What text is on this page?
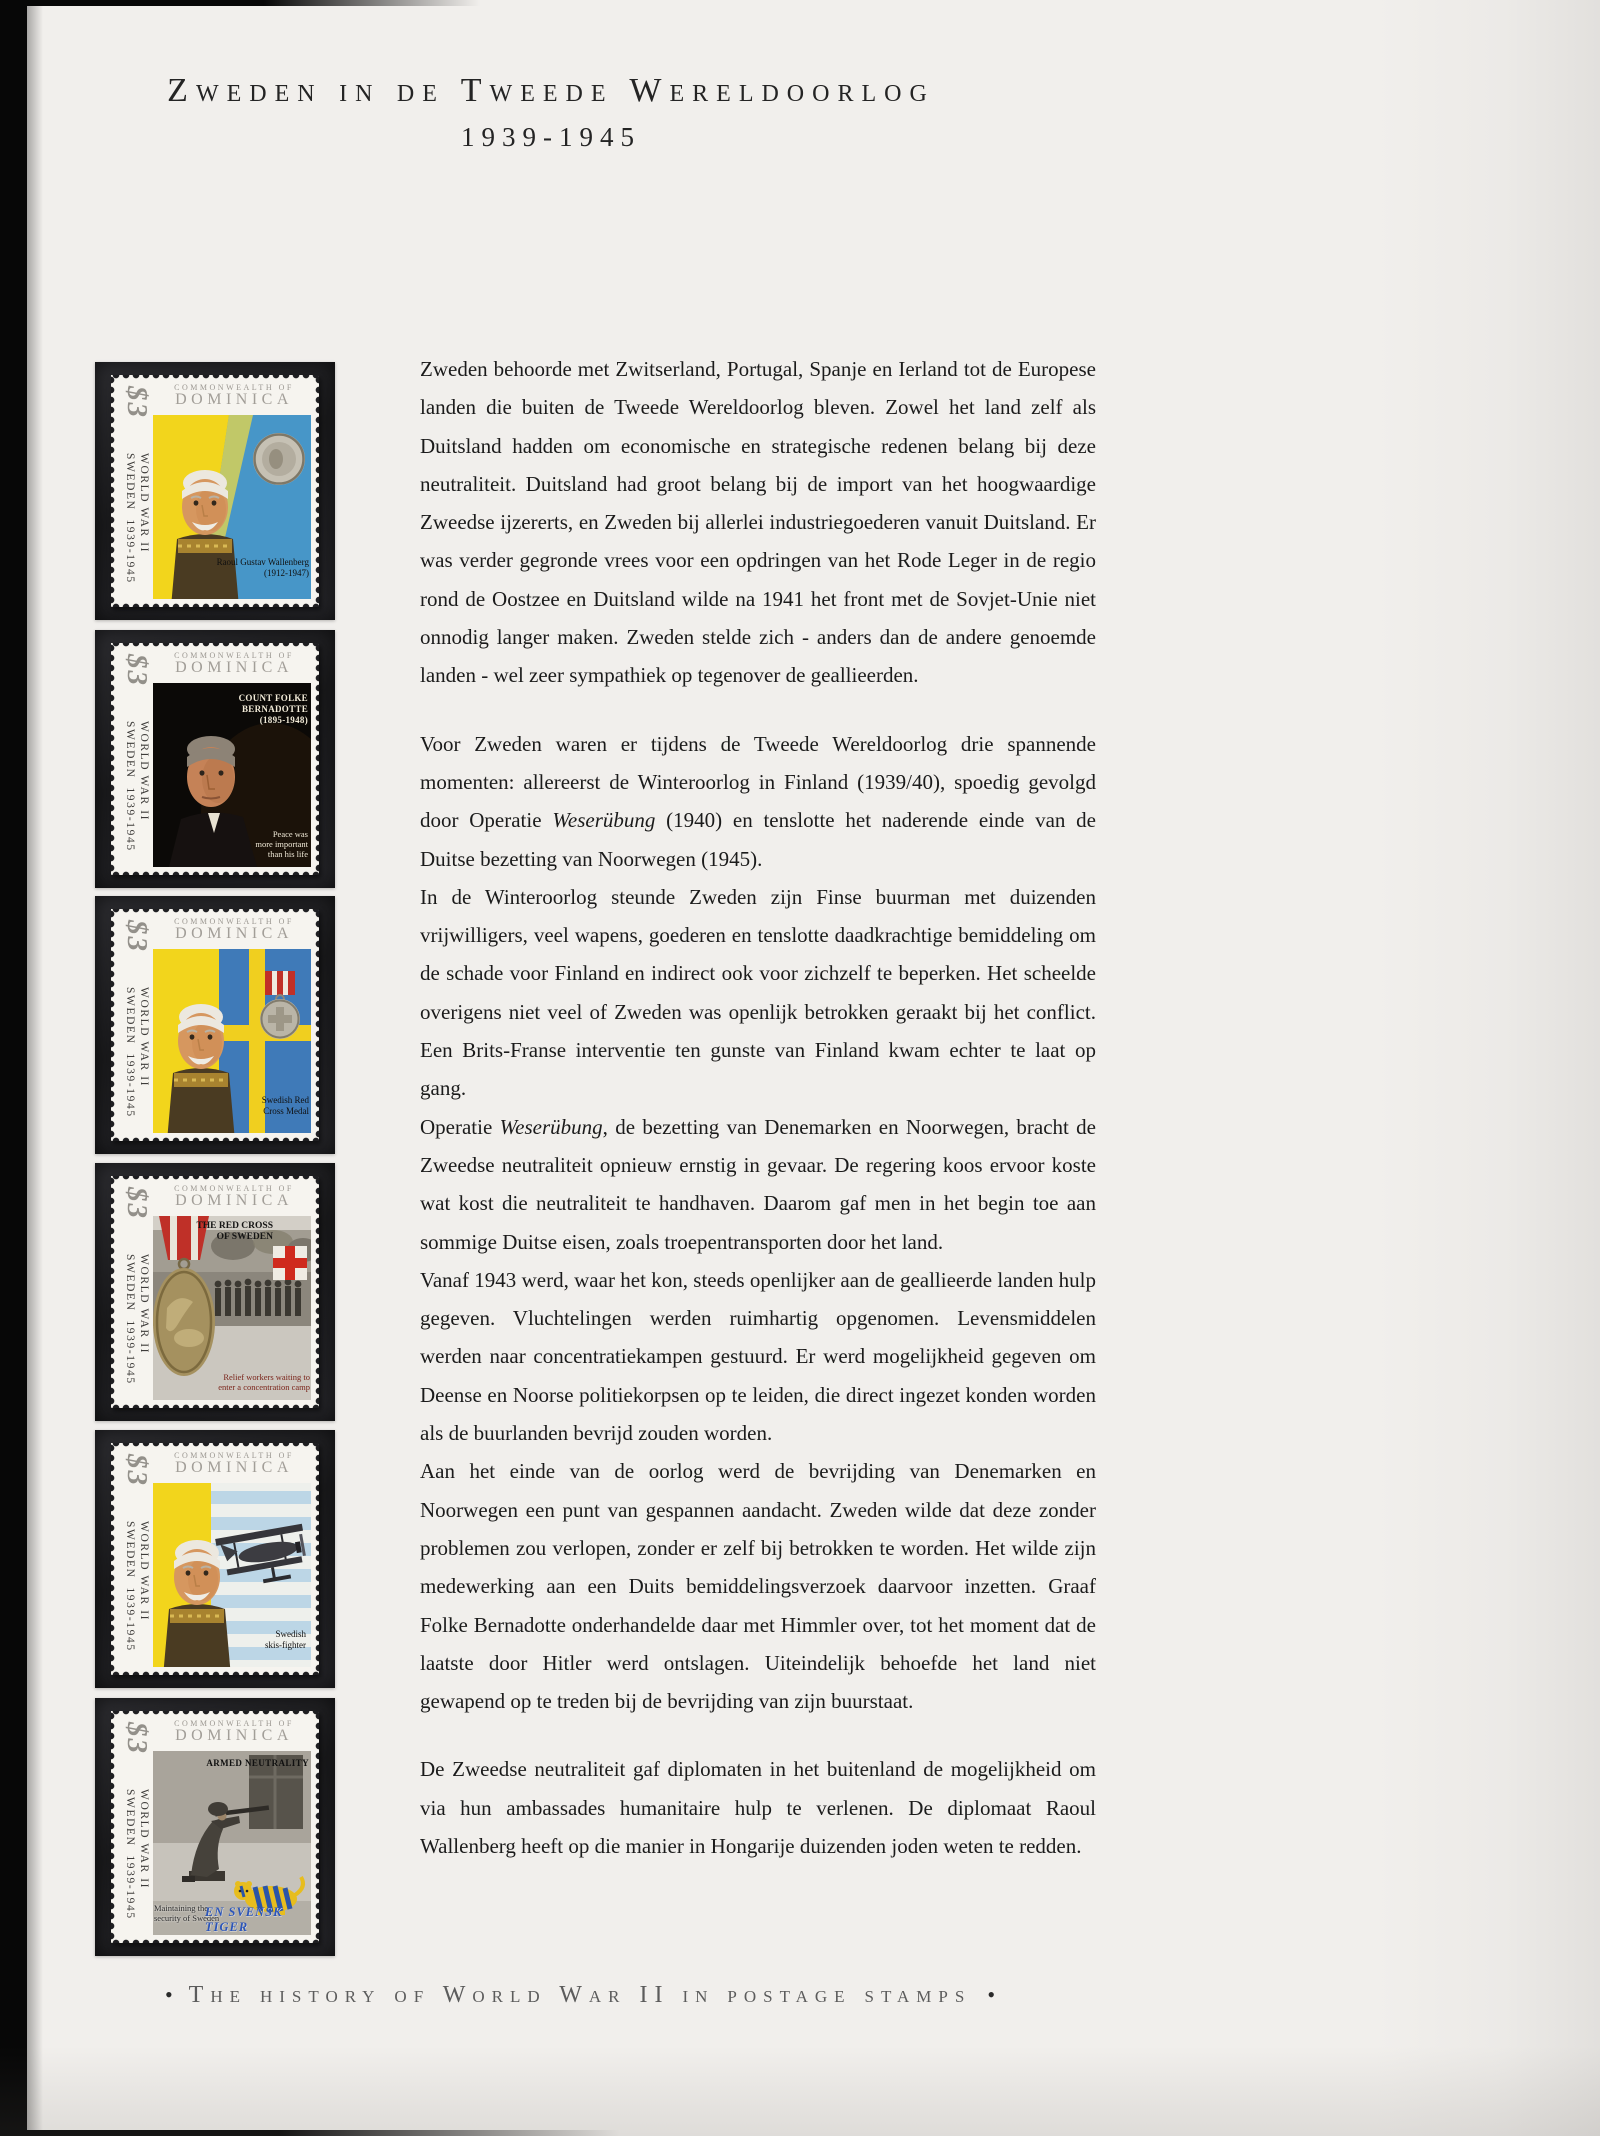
Zweden in de Tweede Wereldoorlog
1939-1945
$3	COMMONWEALTH OF
DOMINICA
SWEDEN  1939-1945 WORLD WAR II
Raoul Gustav Wallenberg
(1912-1947)
$3	COMMONWEALTH OF
DOMINICA
SWEDEN  1939-1945 WORLD WAR II
COUNT FOLKE
BERNADOTTE
(1895-1948)
Peace was
more important
than his life
$3	COMMONWEALTH OF
DOMINICA
SWEDEN  1939-1945 WORLD WAR II
Swedish Red
Cross Medal
$3	COMMONWEALTH OF
DOMINICA
SWEDEN  1939-1945 WORLD WAR II
THE RED CROSS
OF SWEDEN
Relief workers waiting to
enter a concentration camp
$3	COMMONWEALTH OF
DOMINICA
SWEDEN  1939-1945 WORLD WAR II
Swedish
skis-fighter
$3	COMMONWEALTH OF
DOMINICA
SWEDEN  1939-1945 WORLD WAR II
ARMED NEUTRALITY
Maintaining the
security of Sweden
EN SVENSK TIGER

Zweden behoorde met Zwitserland, Portugal, Spanje en Ierland tot de Europese landen die buiten de Tweede Wereldoorlog bleven. Zowel het land zelf als Duitsland hadden om economische en strategische redenen belang bij deze neutraliteit. Duitsland had groot belang bij de import van het hoogwaardige Zweedse ijzererts, en Zweden bij allerlei industriegoederen vanuit Duitsland. Er was verder gegronde vrees voor een opdringen van het Rode Leger in de regio rond de Oostzee en Duitsland wilde na 1941 het front met de Sovjet-Unie niet onnodig langer maken. Zweden stelde zich - anders dan de andere genoemde landen - wel zeer sympathiek op tegenover de geallieerden.

Voor Zweden waren er tijdens de Tweede Wereldoorlog drie spannende momenten: allereerst de Winteroorlog in Finland (1939/40), spoedig gevolgd door Operatie Weserübung (1940) en tenslotte het naderende einde van de Duitse bezetting van Noorwegen (1945).

In de Winteroorlog steunde Zweden zijn Finse buurman met duizenden vrijwilligers, veel wapens, goederen en tenslotte daadkrachtige bemiddeling om de schade voor Finland en indirect ook voor zichzelf te beperken. Het scheelde overigens niet veel of Zweden was openlijk betrokken geraakt bij het conflict. Een Brits-Franse interventie ten gunste van Finland kwam echter te laat op gang.

Operatie Weserübung, de bezetting van Denemarken en Noorwegen, bracht de Zweedse neutraliteit opnieuw ernstig in gevaar. De regering koos ervoor koste wat kost die neutraliteit te handhaven. Daarom gaf men in het begin toe aan sommige Duitse eisen, zoals troepentransporten door het land.

Vanaf 1943 werd, waar het kon, steeds openlijker aan de geallieerde landen hulp gegeven. Vluchtelingen werden ruimhartig opgenomen. Levensmiddelen werden naar concentratiekampen gestuurd. Er werd mogelijkheid gegeven om Deense en Noorse politiekorpsen op te leiden, die direct ingezet konden worden als de buurlanden bevrijd zouden worden.

Aan het einde van de oorlog werd de bevrijding van Denemarken en Noorwegen een punt van gespannen aandacht. Zweden wilde dat deze zonder problemen zou verlopen, zonder er zelf bij betrokken te worden. Het wilde zijn medewerking aan een Duits bemiddelingsverzoek daarvoor inzetten. Graaf Folke Bernadotte onderhandelde daar met Himmler over, tot het moment dat de laatste door Hitler werd ontslagen. Uiteindelijk behoefde het land niet gewapend op te treden bij de bevrijding van zijn buurstaat.

De Zweedse neutraliteit gaf diplomaten in het buitenland de mogelijkheid om via hun ambassades humanitaire hulp te verlenen. De diplomaat Raoul Wallenberg heeft op die manier in Hongarije duizenden joden weten te redden.

• The history of World War II in postage stamps •
